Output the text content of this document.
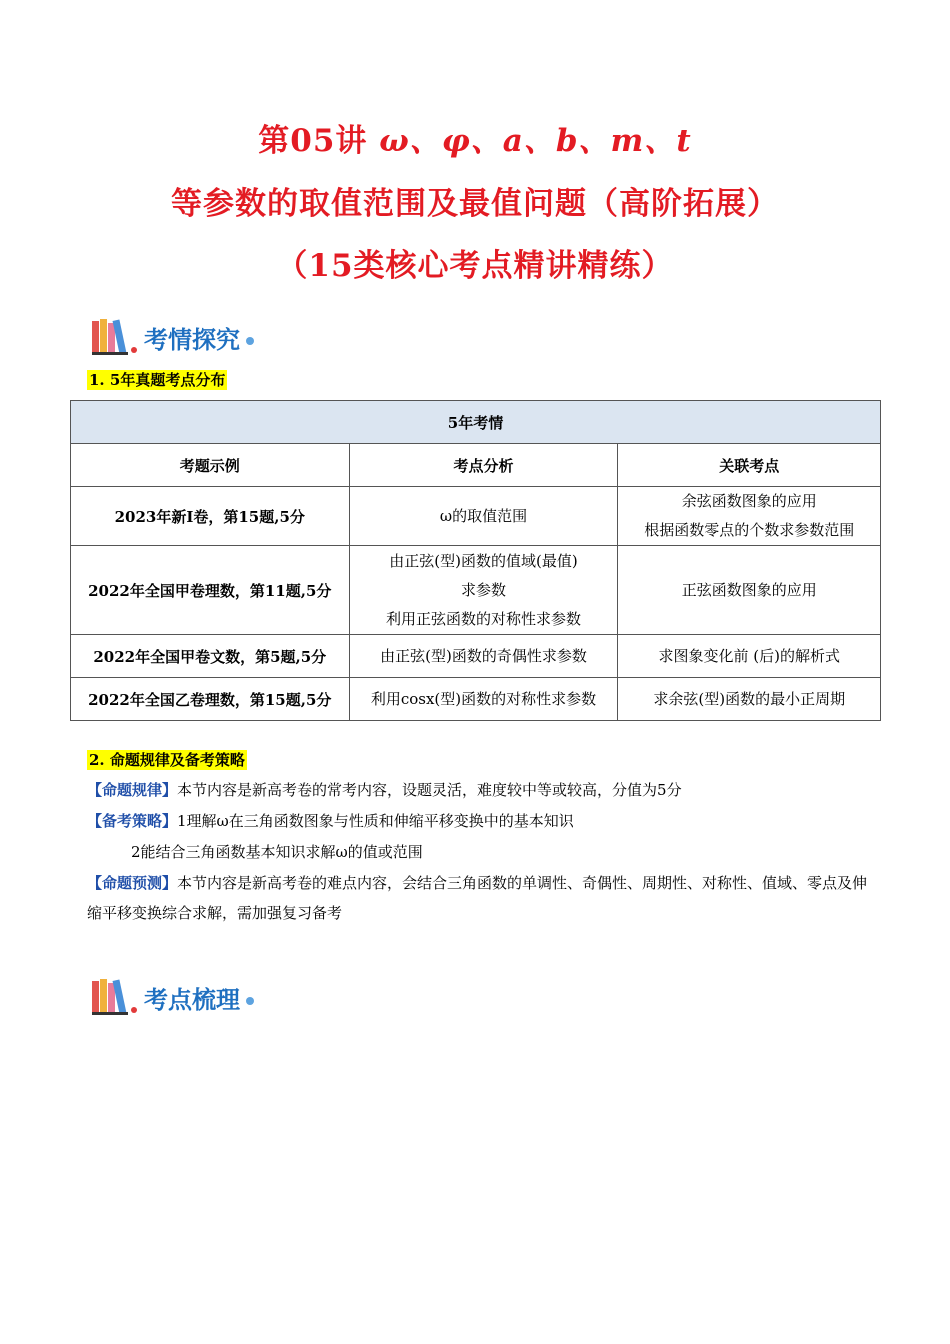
第05讲 ω、φ、a、b、m、t
等参数的取值范围及最值问题（高阶拓展）
（15类核心考点精讲精练）
考情探究
1. 5年真题考点分布
5年考情		
考题示例	考点分析	关联考点
2023年新I卷，第15题,5分	ω的取值范围	余弦函数图象的应用
根据函数零点的个数求参数范围

2022年全国甲卷理数，第11题,5分	由正弦(型)函数的值域(最值)
求参数
利用正弦函数的对称性求参数	正弦函数图象的应用

2022年全国甲卷文数，第5题,5分	由正弦(型)函数的奇偶性求参数	求图象变化前 (后)的解析式

2022年全国乙卷理数，第15题,5分	利用cosx(型)函数的对称性求参数	求余弦(型)函数的最小正周期
2. 命题规律及备考策略
【命题规律】本节内容是新高考卷的常考内容，设题灵活，难度较中等或较高，分值为5分
【备考策略】1理解ω在三角函数图象与性质和伸缩平移变换中的基本知识
2能结合三角函数基本知识求解ω的值或范围
【命题预测】本节内容是新高考卷的难点内容，会结合三角函数的单调性、奇偶性、周期性、对称性、值域、零点及伸缩平移变换综合求解，需加强复习备考
考点梳理
